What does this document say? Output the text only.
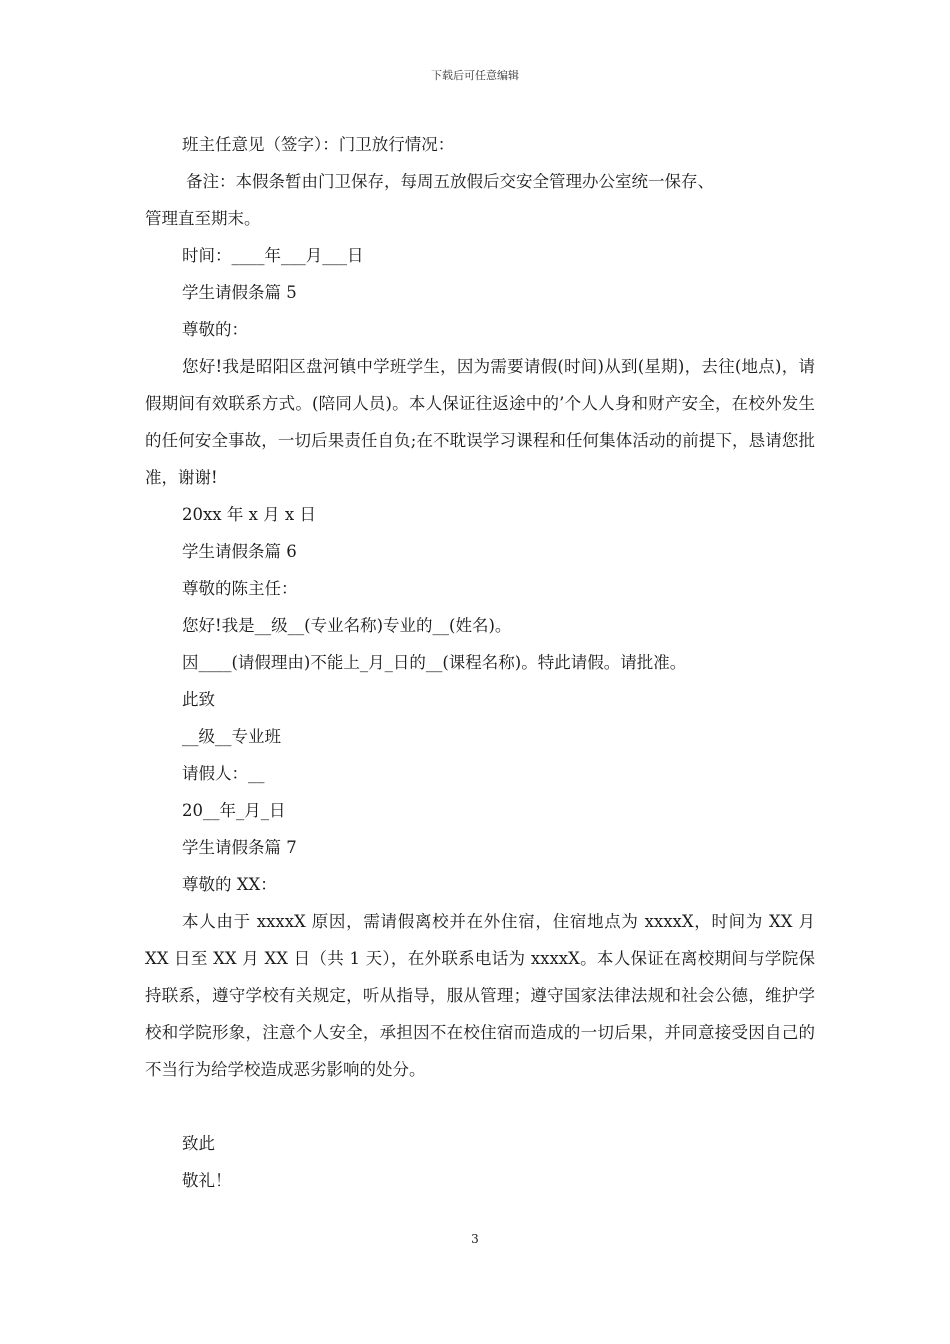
下载后可任意编辑

班主任意见（签字）：门卫放行情况：

备注：本假条暂由门卫保存，每周五放假后交安全管理办公室统一保存、

管理直至期末。

时间：____年___月___日

学生请假条篇 5

尊敬的：

您好!我是昭阳区盘河镇中学班学生，因为需要请假(时间)从到(星期)，去往(地点)，请假期间有效联系方式。(陪同人员)。本人保证往返途中的’个人人身和财产安全，在校外发生的任何安全事故，一切后果责任自负;在不耽误学习课程和任何集体活动的前提下，恳请您批准，谢谢!

20xx 年 x 月 x 日

学生请假条篇 6

尊敬的陈主任：

您好!我是__级__(专业名称)专业的__(姓名)。

因____(请假理由)不能上_月_日的__(课程名称)。特此请假。请批准。

此致

__级__专业班

请假人：__

20__年_月_日

学生请假条篇 7

尊敬的 XX：

本人由于 xxxxX 原因，需请假离校并在外住宿，住宿地点为 xxxxX，时间为 XX 月 XX 日至 XX 月 XX 日（共 1 天），在外联系电话为 xxxxX。本人保证在离校期间与学院保持联系，遵守学校有关规定，听从指导，服从管理；遵守国家法律法规和社会公德，维护学校和学院形象，注意个人安全，承担因不在校住宿而造成的一切后果，并同意接受因自己的不当行为给学校造成恶劣影响的处分。

致此

敬礼！

3
